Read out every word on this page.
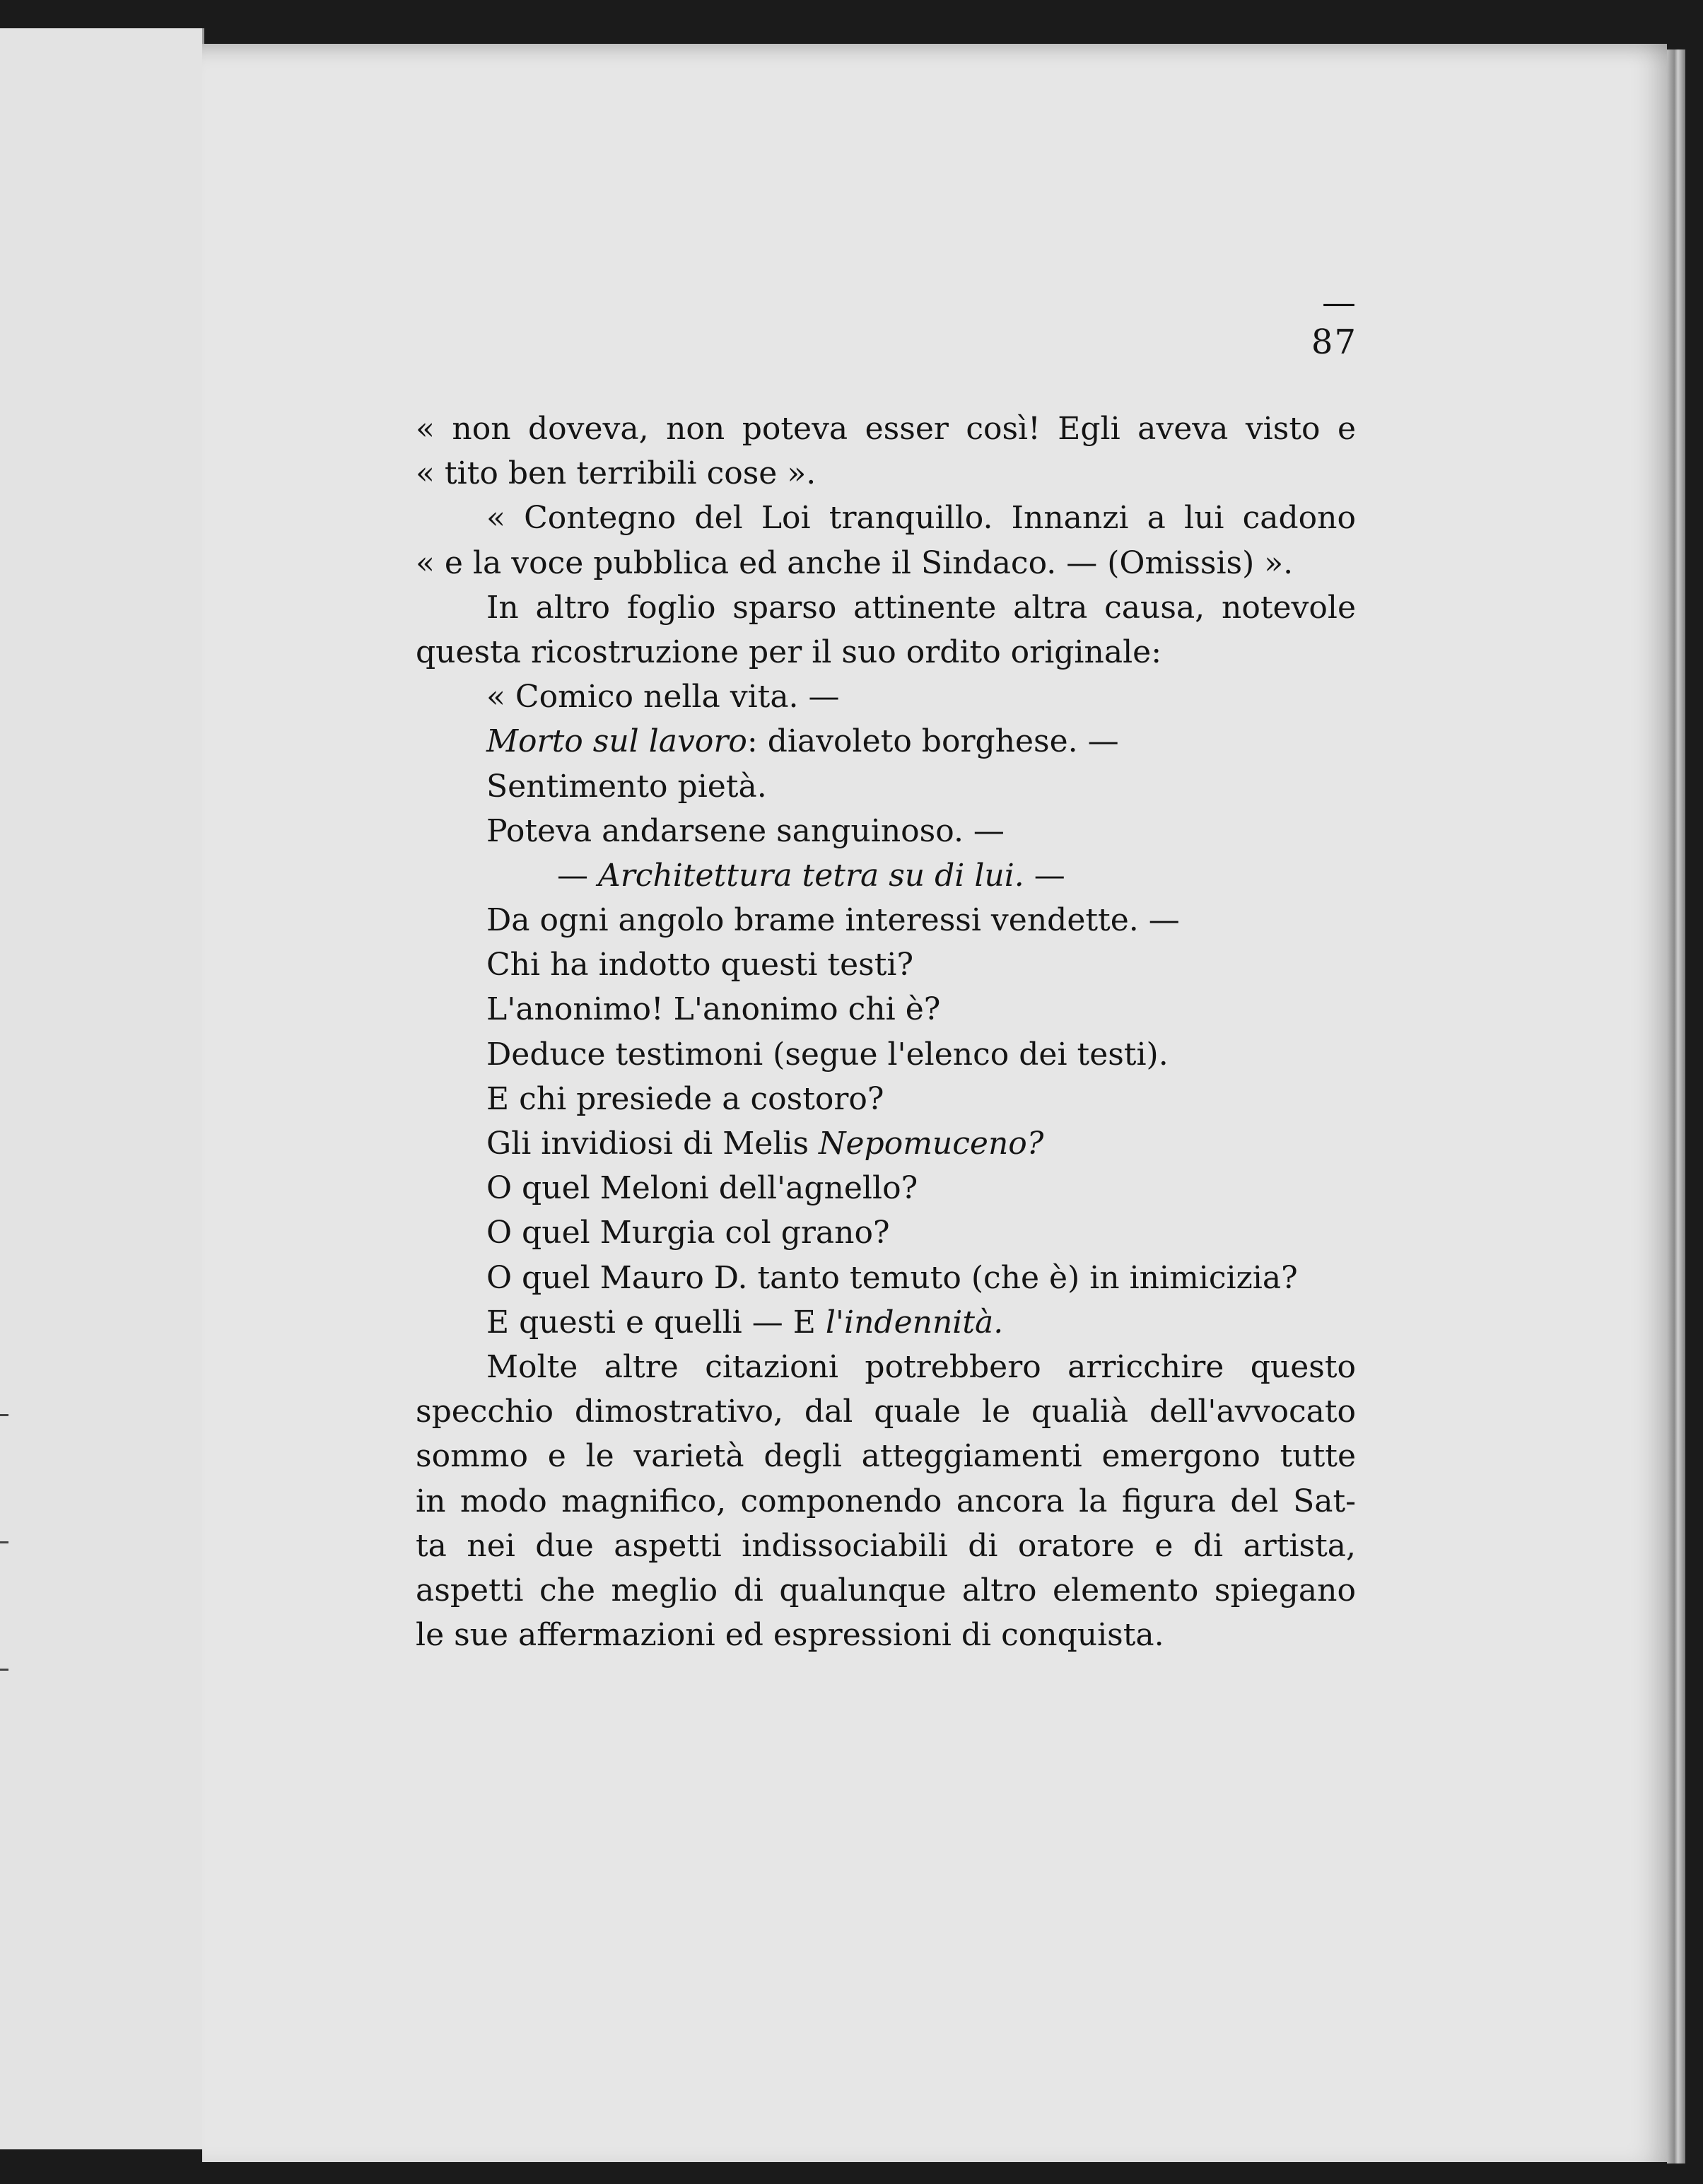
— 87
« non doveva, non poteva esser così! Egli aveva visto e
« tito ben terribili cose ».
« Contegno del Loi tranquillo. Innanzi a lui cadono
« e la voce pubblica ed anche il Sindaco. — (Omissis) ».
In altro foglio sparso attinente altra causa, notevole
questa ricostruzione per il suo ordito originale:
« Comico nella vita. —
Morto sul lavoro: diavoleto borghese. —
Sentimento pietà.
Poteva andarsene sanguinoso. —
— Architettura tetra su di lui. —
Da ogni angolo brame interessi vendette. —
Chi ha indotto questi testi?
L'anonimo! L'anonimo chi è?
Deduce testimoni (segue l'elenco dei testi).
E chi presiede a costoro?
Gli invidiosi di Melis Nepomuceno?
O quel Meloni dell'agnello?
O quel Murgia col grano?
O quel Mauro D. tanto temuto (che è) in inimicizia?
E questi e quelli — E l'indennità.
Molte altre citazioni potrebbero arricchire questo
specchio dimostrativo, dal quale le qualià dell'avvocato
sommo e le varietà degli atteggiamenti emergono tutte
in modo magnifico, componendo ancora la figura del Sat-
ta nei due aspetti indissociabili di oratore e di artista,
aspetti che meglio di qualunque altro elemento spiegano
le sue affermazioni ed espressioni di conquista.
